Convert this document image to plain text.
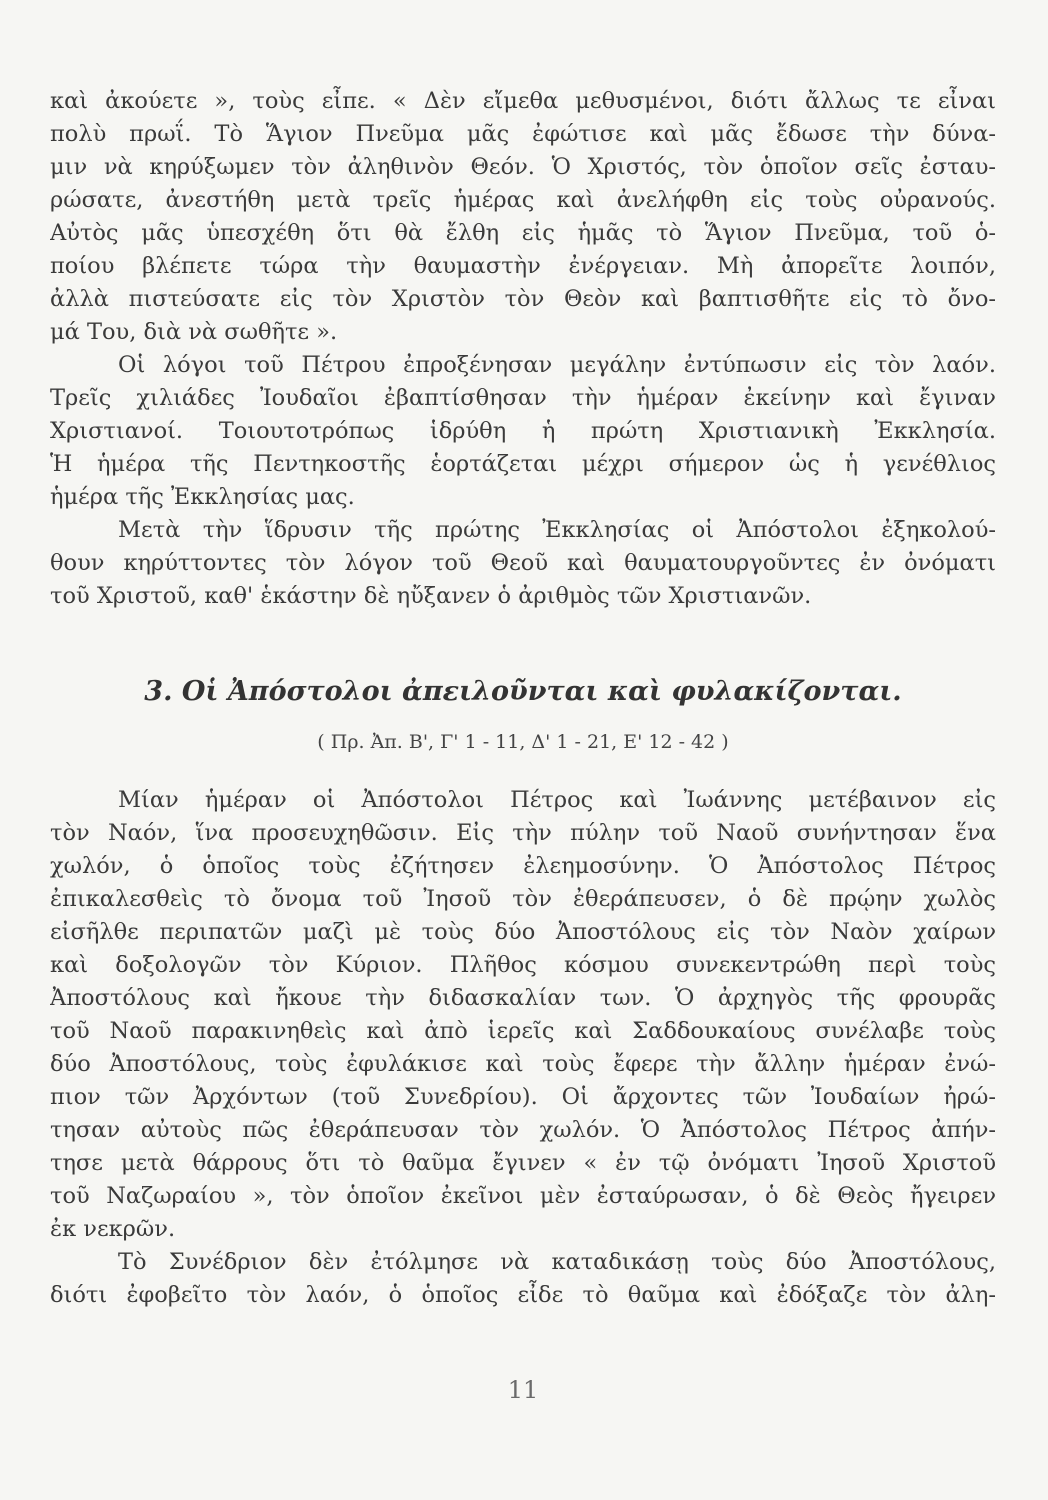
καὶ ἀκούετε », τοὺς εἶπε. « Δὲν εἴμεθα μεθυσμένοι, διότι ἄλλως τε εἶναι
πολὺ πρωΐ. Τὸ Ἅγιον Πνεῦμα μᾶς ἐφώτισε καὶ μᾶς ἔδωσε τὴν δύνα-
μιν νὰ κηρύξωμεν τὸν ἀληθινὸν Θεόν. Ὁ Χριστός, τὸν ὁποῖον σεῖς ἐσταυ-
ρώσατε, ἀνεστήθη μετὰ τρεῖς ἡμέρας καὶ ἀνελήφθη εἰς τοὺς οὐρανούς.
Αὐτὸς μᾶς ὑπεσχέθη ὅτι θὰ ἔλθη εἰς ἡμᾶς τὸ Ἅγιον Πνεῦμα, τοῦ ὁ-
ποίου βλέπετε τώρα τὴν θαυμαστὴν ἐνέργειαν. Μὴ ἀπορεῖτε λοιπόν,
ἀλλὰ πιστεύσατε εἰς τὸν Χριστὸν τὸν Θεὸν καὶ βαπτισθῆτε εἰς τὸ ὄνο-
μά Του, διὰ νὰ σωθῆτε ».
Οἱ λόγοι τοῦ Πέτρου ἐπροξένησαν μεγάλην ἐντύπωσιν εἰς τὸν λαόν.
Τρεῖς χιλιάδες Ἰουδαῖοι ἐβαπτίσθησαν τὴν ἡμέραν ἐκείνην καὶ ἔγιναν
Χριστιανοί. Τοιουτοτρόπως ἱδρύθη ἡ πρώτη Χριστιανικὴ Ἐκκλησία.
Ἡ ἡμέρα τῆς Πεντηκοστῆς ἑορτάζεται μέχρι σήμερον ὡς ἡ γενέθλιος
ἡμέρα τῆς Ἐκκλησίας μας.
Μετὰ τὴν ἵδρυσιν τῆς πρώτης Ἐκκλησίας οἱ Ἀπόστολοι ἐξηκολού-
θουν κηρύττοντες τὸν λόγον τοῦ Θεοῦ καὶ θαυματουργοῦντες ἐν ὀνόματι
τοῦ Χριστοῦ, καθ' ἑκάστην δὲ ηὔξανεν ὁ ἀριθμὸς τῶν Χριστιανῶν.
3. Οἱ Ἀπόστολοι ἀπειλοῦνται καὶ φυλακίζονται.
( Πρ. Ἀπ. Β', Γ' 1 - 11, Δ' 1 - 21, Ε' 12 - 42 )
Μίαν ἡμέραν οἱ Ἀπόστολοι Πέτρος καὶ Ἰωάννης μετέβαινον εἰς
τὸν Ναόν, ἵνα προσευχηθῶσιν. Εἰς τὴν πύλην τοῦ Ναοῦ συνήντησαν ἕνα
χωλόν, ὁ ὁποῖος τοὺς ἐζήτησεν ἐλεημοσύνην. Ὁ Ἀπόστολος Πέτρος
ἐπικαλεσθεὶς τὸ ὄνομα τοῦ Ἰησοῦ τὸν ἐθεράπευσεν, ὁ δὲ πρῴην χωλὸς
εἰσῆλθε περιπατῶν μαζὶ μὲ τοὺς δύο Ἀποστόλους εἰς τὸν Ναὸν χαίρων
καὶ δοξολογῶν τὸν Κύριον. Πλῆθος κόσμου συνεκεντρώθη περὶ τοὺς
Ἀποστόλους καὶ ἤκουε τὴν διδασκαλίαν των. Ὁ ἀρχηγὸς τῆς φρουρᾶς
τοῦ Ναοῦ παρακινηθεὶς καὶ ἀπὸ ἱερεῖς καὶ Σαδδουκαίους συνέλαβε τοὺς
δύο Ἀποστόλους, τοὺς ἐφυλάκισε καὶ τοὺς ἔφερε τὴν ἄλλην ἡμέραν ἐνώ-
πιον τῶν Ἀρχόντων (τοῦ Συνεδρίου). Οἱ ἄρχοντες τῶν Ἰουδαίων ἠρώ-
τησαν αὐτοὺς πῶς ἐθεράπευσαν τὸν χωλόν. Ὁ Ἀπόστολος Πέτρος ἀπήν-
τησε μετὰ θάρρους ὅτι τὸ θαῦμα ἔγινεν « ἐν τῷ ὀνόματι Ἰησοῦ Χριστοῦ
τοῦ Ναζωραίου », τὸν ὁποῖον ἐκεῖνοι μὲν ἐσταύρωσαν, ὁ δὲ Θεὸς ἤγειρεν
ἐκ νεκρῶν.
Τὸ Συνέδριον δὲν ἐτόλμησε νὰ καταδικάσῃ τοὺς δύο Ἀποστόλους,
διότι ἐφοβεῖτο τὸν λαόν, ὁ ὁποῖος εἶδε τὸ θαῦμα καὶ ἐδόξαζε τὸν ἀλη-
11
